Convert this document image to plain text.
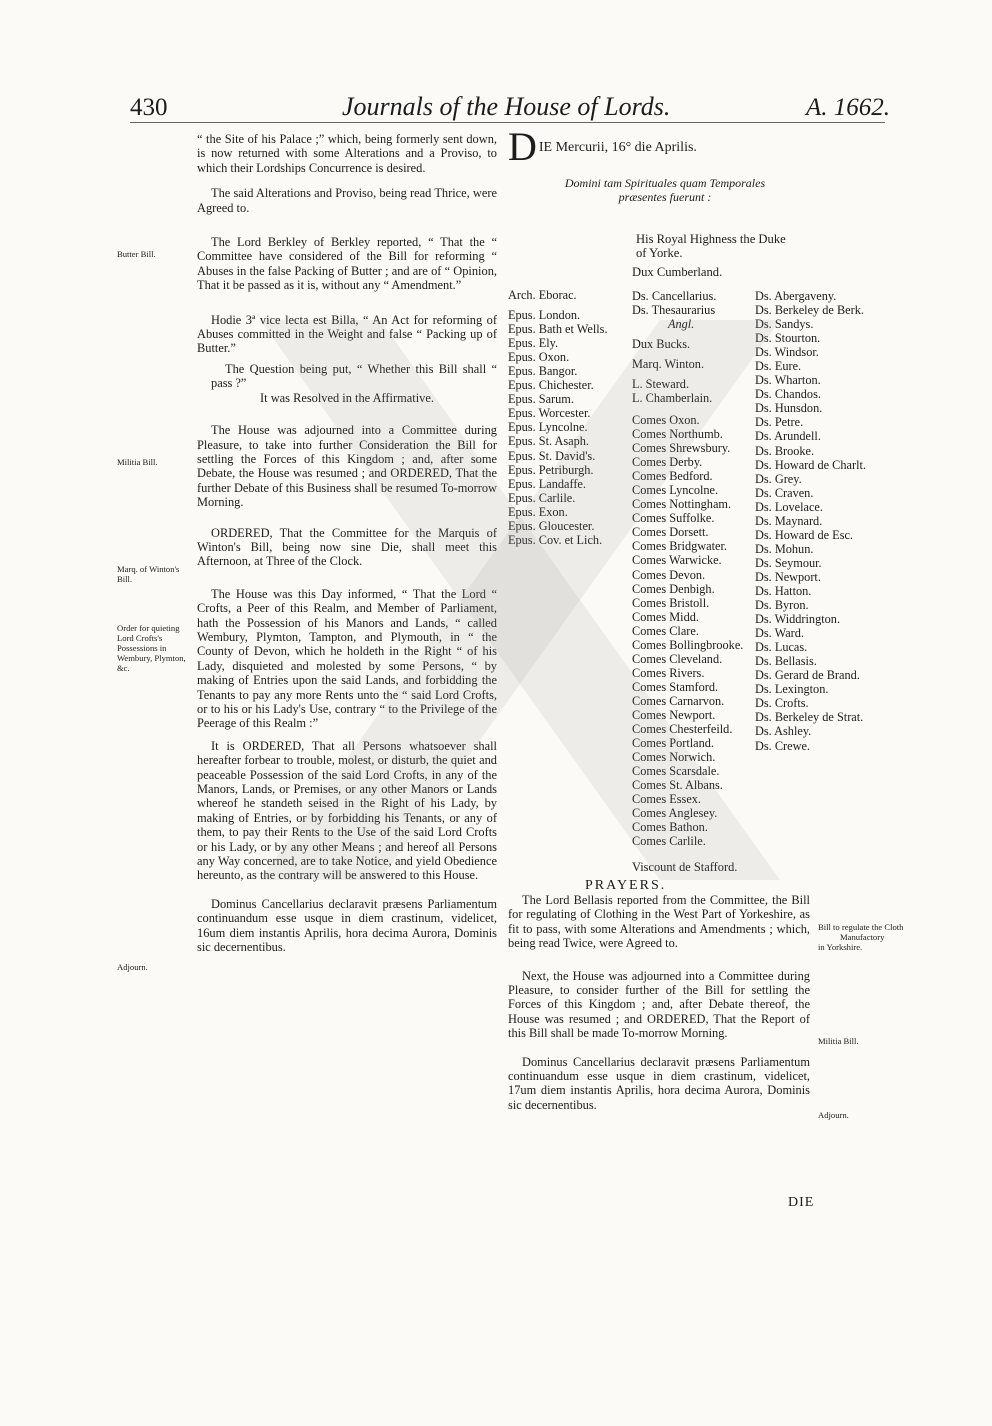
430	Journals of the House of Lords.	A. 1662.
Butter Bill.
Militia Bill.
Marq. of Winton's Bill.
Order for quieting Lord Crofts's Possessions in Wembury, Plymton, &c.
Adjourn.

“ the Site of his Palace ;” which, being formerly sent down, is now returned with some Alterations and a Proviso, to which their Lordships Concurrence is desired.

The said Alterations and Proviso, being read Thrice, were Agreed to.

The Lord Berkley of Berkley reported, “ That the “ Committee have considered of the Bill for reforming “ Abuses in the false Packing of Butter ; and are of “ Opinion, That it be passed as it is, without any “ Amendment.”

Hodie 3ª vice lecta est Billa, “ An Act for reforming of Abuses committed in the Weight and false “ Packing up of Butter.”

The Question being put, “ Whether this Bill shall “ pass ?”

It was Resolved in the Affirmative.

The House was adjourned into a Committee during Pleasure, to take into further Consideration the Bill for settling the Forces of this Kingdom ; and, after some Debate, the House was resumed ; and ORDERED, That the further Debate of this Business shall be resumed To-morrow Morning.

ORDERED, That the Committee for the Marquis of Winton's Bill, being now sine Die, shall meet this Afternoon, at Three of the Clock.

The House was this Day informed, “ That the Lord “ Crofts, a Peer of this Realm, and Member of Parliament, hath the Possession of his Manors and Lands, “ called Wembury, Plymton, Tampton, and Plymouth, in “ the County of Devon, which he holdeth in the Right “ of his Lady, disquieted and molested by some Persons, “ by making of Entries upon the said Lands, and forbidding the Tenants to pay any more Rents unto the “ said Lord Crofts, or to his or his Lady's Use, contrary “ to the Privilege of the Peerage of this Realm :”

It is ORDERED, That all Persons whatsoever shall hereafter forbear to trouble, molest, or disturb, the quiet and peaceable Possession of the said Lord Crofts, in any of the Manors, Lands, or Premises, or any other Manors or Lands whereof he standeth seised in the Right of his Lady, by making of Entries, or by forbidding his Tenants, or any of them, to pay their Rents to the Use of the said Lord Crofts or his Lady, or by any other Means ; and hereof all Persons any Way concerned, are to take Notice, and yield Obedience hereunto, as the contrary will be answered to this House.

Dominus Cancellarius declaravit præsens Parliamentum continuandum esse usque in diem crastinum, videlicet, 16um diem instantis Aprilis, hora decima Aurora, Dominis sic decernentibus.

D IE Mercurii, 16° die Aprilis.
Domini tam Spirituales quam Temporales præsentes fuerunt :
His Royal Highness the Duke of Yorke.
Dux Cumberland.
Arch. Eborac.
Epus. London.
Epus. Bath et Wells.
Epus. Ely.
Epus. Oxon.
Epus. Bangor.
Epus. Chichester.
Epus. Sarum.
Epus. Worcester.
Epus. Lyncolne.
Epus. St. Asaph.
Epus. St. David's.
Epus. Petriburgh.
Epus. Landaffe.
Epus. Carlile.
Epus. Exon.
Epus. Gloucester.
Epus. Cov. et Lich.
Ds. Cancellarius.
Ds. Thesaurarius
Angl.
Dux Bucks.
Marq. Winton.
L. Steward.
L. Chamberlain.
Comes Oxon.
Comes Northumb.
Comes Shrewsbury.
Comes Derby.
Comes Bedford.
Comes Lyncolne.
Comes Nottingham.
Comes Suffolke.
Comes Dorsett.
Comes Bridgwater.
Comes Warwicke.
Comes Devon.
Comes Denbigh.
Comes Bristoll.
Comes Midd.
Comes Clare.
Comes Bollingbrooke.
Comes Cleveland.
Comes Rivers.
Comes Stamford.
Comes Carnarvon.
Comes Newport.
Comes Chesterfeild.
Comes Portland.
Comes Norwich.
Comes Scarsdale.
Comes St. Albans.
Comes Essex.
Comes Anglesey.
Comes Bathon.
Comes Carlile.
Viscount de Stafford.
Ds. Abergaveny.
Ds. Berkeley de Berk.
Ds. Sandys.
Ds. Stourton.
Ds. Windsor.
Ds. Eure.
Ds. Wharton.
Ds. Chandos.
Ds. Hunsdon.
Ds. Petre.
Ds. Arundell.
Ds. Brooke.
Ds. Howard de Charlt.
Ds. Grey.
Ds. Craven.
Ds. Lovelace.
Ds. Maynard.
Ds. Howard de Esc.
Ds. Mohun.
Ds. Seymour.
Ds. Newport.
Ds. Hatton.
Ds. Byron.
Ds. Widdrington.
Ds. Ward.
Ds. Lucas.
Ds. Bellasis.
Ds. Gerard de Brand.
Ds. Lexington.
Ds. Crofts.
Ds. Berkeley de Strat.
Ds. Ashley.
Ds. Crewe.
PRAYERS.

The Lord Bellasis reported from the Committee, the Bill for regulating of Clothing in the West Part of Yorkeshire, as fit to pass, with some Alterations and Amendments ; which, being read Twice, were Agreed to.

Next, the House was adjourned into a Committee during Pleasure, to consider further of the Bill for settling the Forces of this Kingdom ; and, after Debate thereof, the House was resumed ; and ORDERED, That the Report of this Bill shall be made To-morrow Morning.

Dominus Cancellarius declaravit præsens Parliamentum continuandum esse usque in diem crastinum, videlicet, 17um diem instantis Aprilis, hora decima Aurora, Dominis sic decernentibus.

Bill to regulate the Cloth
Manufactory
in Yorkshire.
Militia Bill.
Adjourn.
DIE
